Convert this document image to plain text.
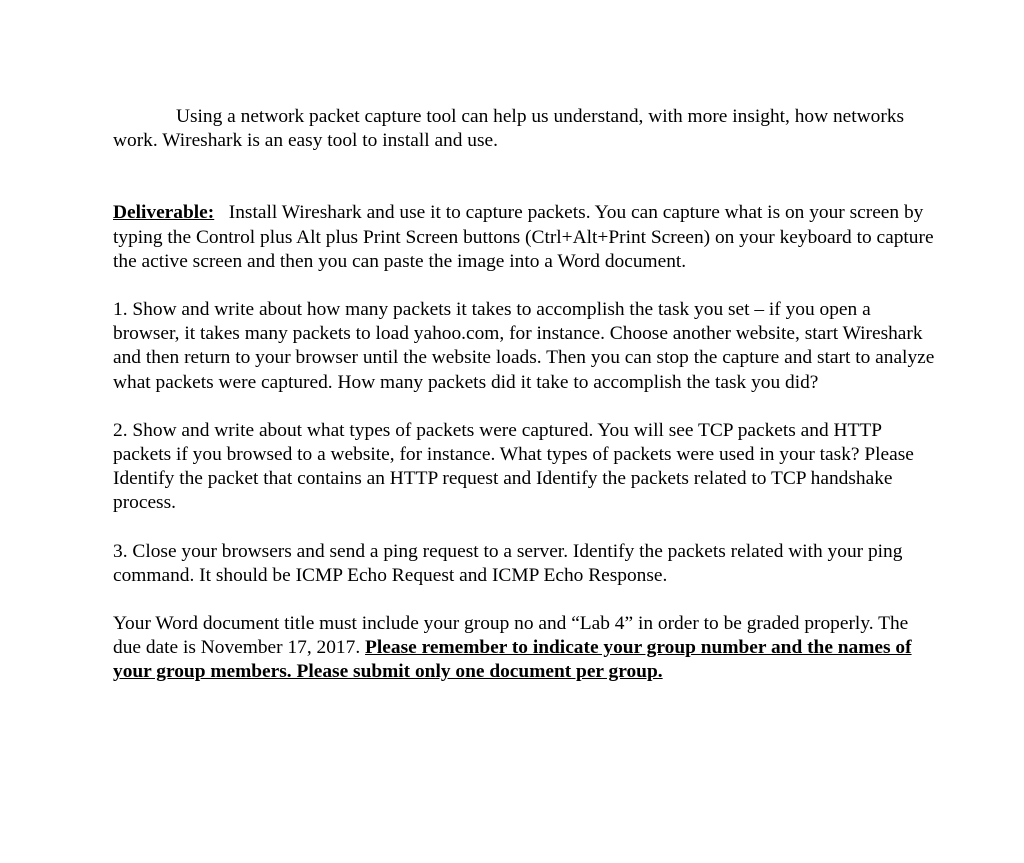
Using a network packet capture tool can help us understand, with more insight, how networks work. Wireshark is an easy tool to install and use.

Deliverable: Install Wireshark and use it to capture packets. You can capture what is on your screen by typing the Control plus Alt plus Print Screen buttons (Ctrl+Alt+Print Screen) on your keyboard to capture the active screen and then you can paste the image into a Word document.

1. Show and write about how many packets it takes to accomplish the task you set – if you open a browser, it takes many packets to load yahoo.com, for instance. Choose another website, start Wireshark and then return to your browser until the website loads. Then you can stop the capture and start to analyze what packets were captured. How many packets did it take to accomplish the task you did?

2. Show and write about what types of packets were captured. You will see TCP packets and HTTP packets if you browsed to a website, for instance. What types of packets were used in your task? Please Identify the packet that contains an HTTP request and Identify the packets related to TCP handshake process.

3. Close your browsers and send a ping request to a server. Identify the packets related with your ping command. It should be ICMP Echo Request and ICMP Echo Response.

Your Word document title must include your group no and “Lab 4” in order to be graded properly. The due date is November 17, 2017. Please remember to indicate your group number and the names of your group members. Please submit only one document per group.
